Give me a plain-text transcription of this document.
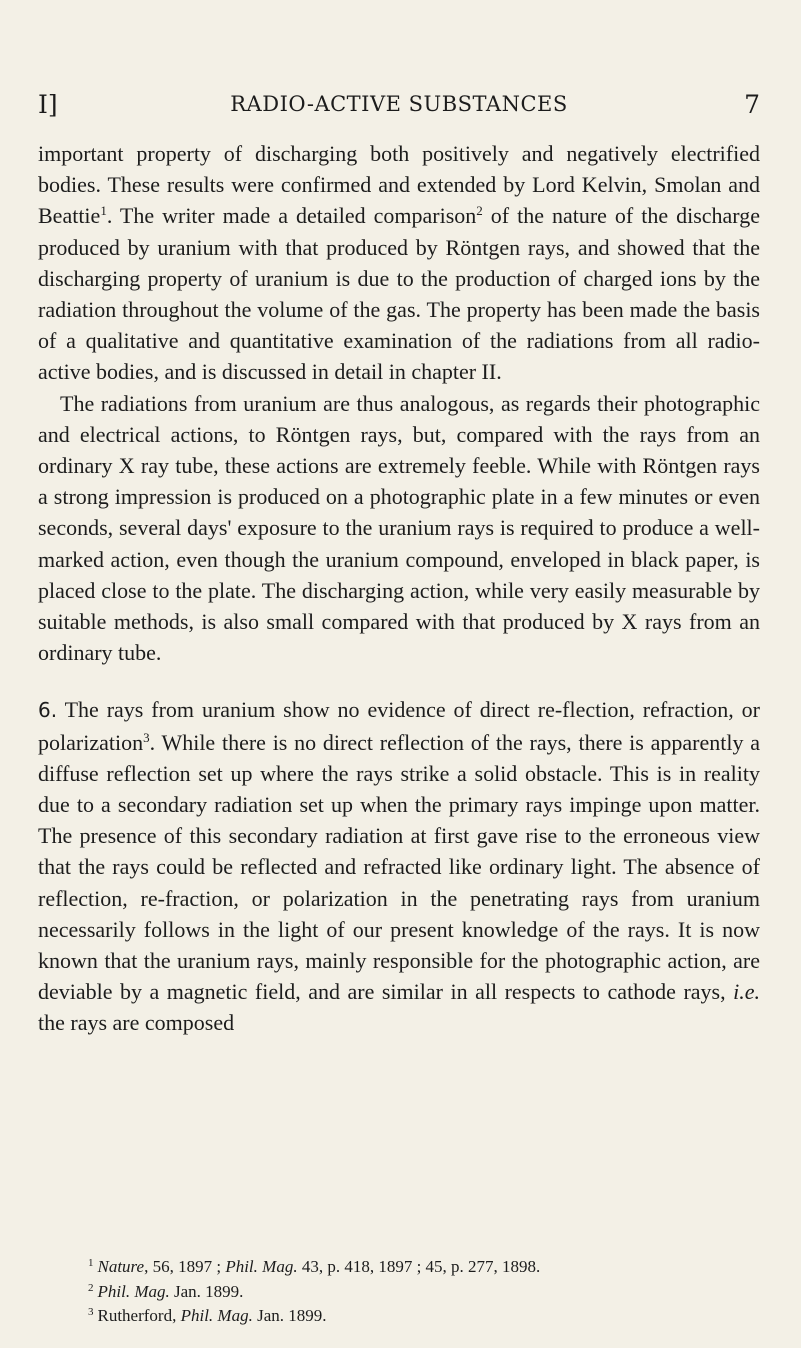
I]	RADIO-ACTIVE SUBSTANCES	7

important property of discharging both positively and negatively electrified bodies. These results were confirmed and extended by Lord Kelvin, Smolan and Beattie$^1$. The writer made a detailed comparison$^2$ of the nature of the discharge produced by uranium with that produced by Röntgen rays, and showed that the discharging property of uranium is due to the production of charged ions by the radiation throughout the volume of the gas. The property has been made the basis of a qualitative and quantitative examination of the radiations from all radio-active bodies, and is discussed in detail in chapter II.

The radiations from uranium are thus analogous, as regards their photographic and electrical actions, to Röntgen rays, but, compared with the rays from an ordinary X ray tube, these actions are extremely feeble. While with Röntgen rays a strong impression is produced on a photographic plate in a few minutes or even seconds, several days' exposure to the uranium rays is required to produce a well-marked action, even though the uranium compound, enveloped in black paper, is placed close to the plate. The discharging action, while very easily measurable by suitable methods, is also small compared with that produced by X rays from an ordinary tube.

6. The rays from uranium show no evidence of direct re-flection, refraction, or polarization$^3$. While there is no direct reflection of the rays, there is apparently a diffuse reflection set up where the rays strike a solid obstacle. This is in reality due to a secondary radiation set up when the primary rays impinge upon matter. The presence of this secondary radiation at first gave rise to the erroneous view that the rays could be reflected and refracted like ordinary light. The absence of reflection, re-fraction, or polarization in the penetrating rays from uranium necessarily follows in the light of our present knowledge of the rays. It is now known that the uranium rays, mainly responsible for the photographic action, are deviable by a magnetic field, and are similar in all respects to cathode rays, i.e. the rays are composed

$^1$ Nature, 56, 1897 ; Phil. Mag. 43, p. 418, 1897 ; 45, p. 277, 1898.

$^2$ Phil. Mag. Jan. 1899.

$^3$ Rutherford, Phil. Mag. Jan. 1899.
